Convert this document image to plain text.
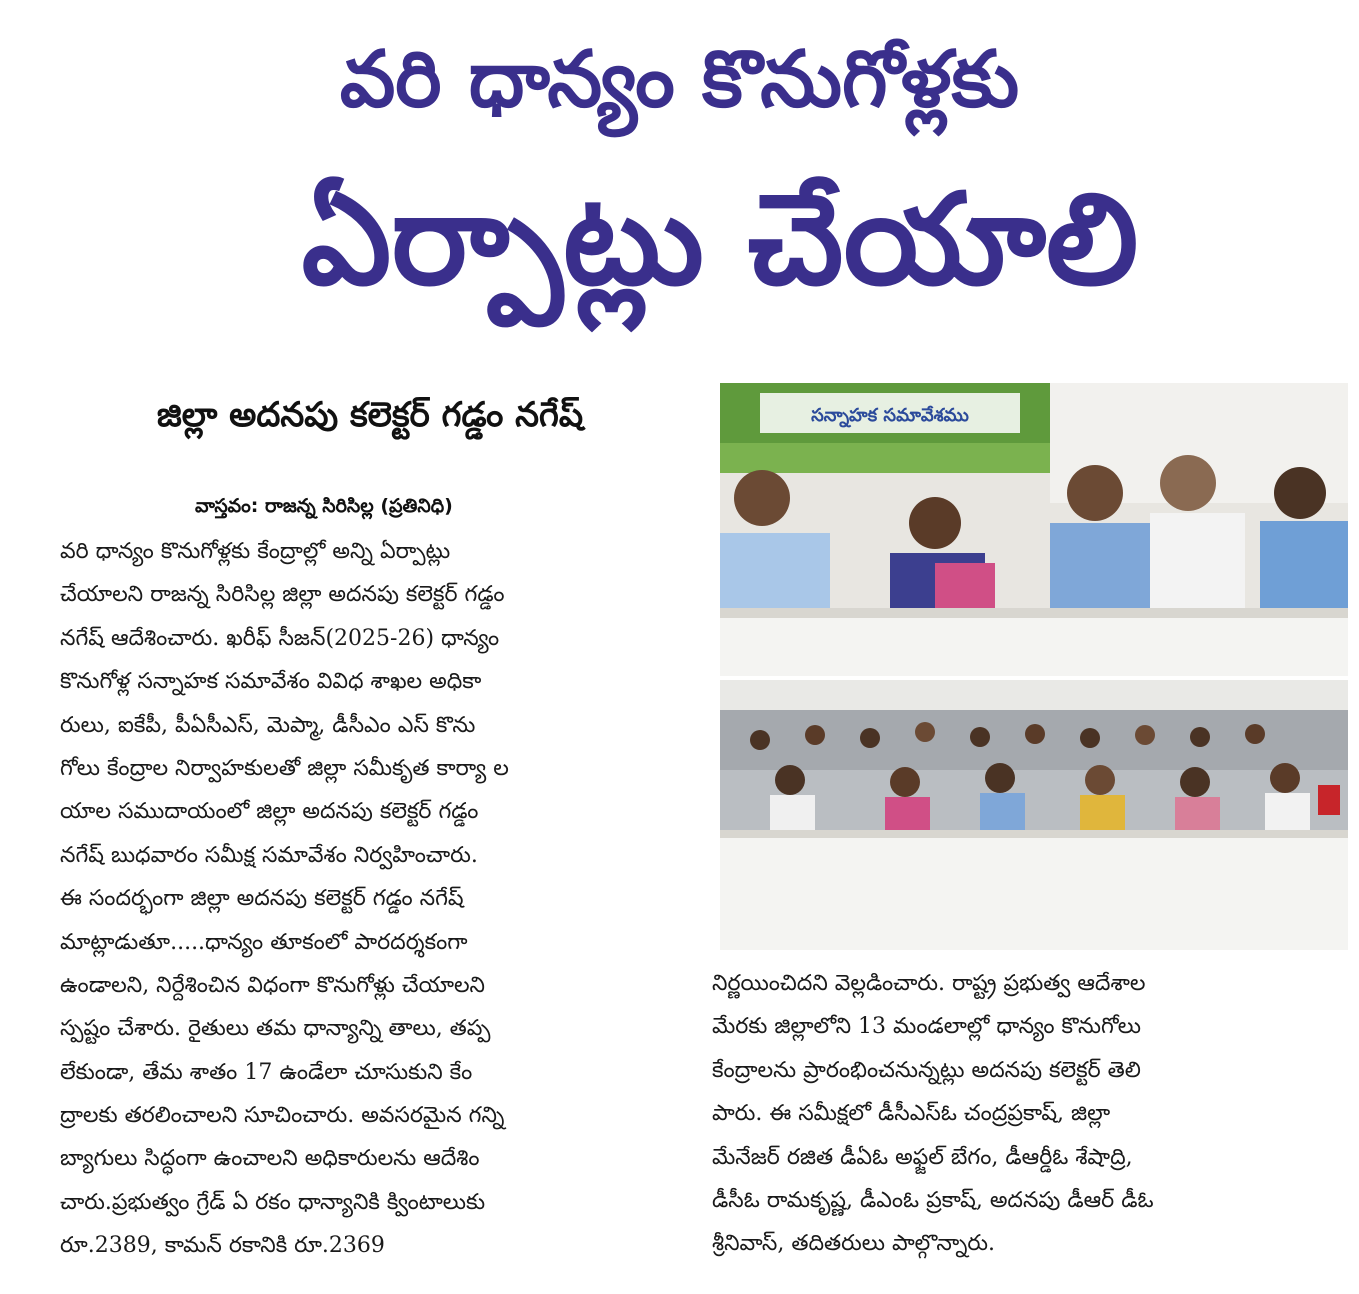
వరి ధాన్యం కొనుగోళ్లకు
ఏర్పాట్లు చేయాలి
జిల్లా అదనపు కలెక్టర్ గడ్డం నగేష్
వాస్తవం: రాజన్న సిరిసిల్ల (ప్రతినిధి)
వరి ధాన్యం కొనుగోళ్లకు కేంద్రాల్లో అన్ని ఏర్పాట్లు
చేయాలని రాజన్న సిరిసిల్ల జిల్లా అదనపు కలెక్టర్ గడ్డం
నగేష్ ఆదేశించారు. ఖరీఫ్ సీజన్(2025-26) ధాన్యం
కొనుగోళ్ల సన్నాహక సమావేశం వివిధ శాఖల అధికా
రులు, ఐకేపీ, పీఏసీఎస్, మెప్మా, డీసీఎం ఎస్ కొను
గోలు కేంద్రాల నిర్వాహకులతో జిల్లా సమీకృత కార్యా ల
యాల సముదాయంలో జిల్లా అదనపు కలెక్టర్ గడ్డం
నగేష్ బుధవారం సమీక్ష సమావేశం నిర్వహించారు.
ఈ సందర్భంగా జిల్లా అదనపు కలెక్టర్ గడ్డం నగేష్
మాట్లాడుతూ.....ధాన్యం తూకంలో పారదర్శకంగా
ఉండాలని, నిర్దేశించిన విధంగా కొనుగోళ్లు చేయాలని
స్పష్టం చేశారు. రైతులు తమ ధాన్యాన్ని తాలు, తప్ప
లేకుండా, తేమ శాతం 17 ఉండేలా చూసుకుని కేం
ద్రాలకు తరలించాలని సూచించారు. అవసరమైన గన్ని
బ్యాగులు సిద్ధంగా ఉంచాలని అధికారులను ఆదేశిం
చారు.ప్రభుత్వం గ్రేడ్ ఏ రకం ధాన్యానికి క్వింటాలుకు
రూ.2389, కామన్ రకానికి రూ.2369
సన్నాహక సమావేశము
నిర్ణయించిదని వెల్లడించారు. రాష్ట్ర ప్రభుత్వ ఆదేశాల
మేరకు జిల్లాలోని 13 మండలాల్లో ధాన్యం కొనుగోలు
కేంద్రాలను ప్రారంభించనున్నట్లు అదనపు కలెక్టర్ తెలి
పారు. ఈ సమీక్షలో డీసీఎస్ఓ చంద్రప్రకాష్, జిల్లా
మేనేజర్ రజిత డీఏఓ అఫ్జల్ బేగం, డీఆర్డీఓ శేషాద్రి,
డీసీఓ రామకృష్ణ, డీఎంఓ ప్రకాష్, అదనపు డీఆర్ డీఓ
శ్రీనివాస్, తదితరులు పాల్గొన్నారు.
